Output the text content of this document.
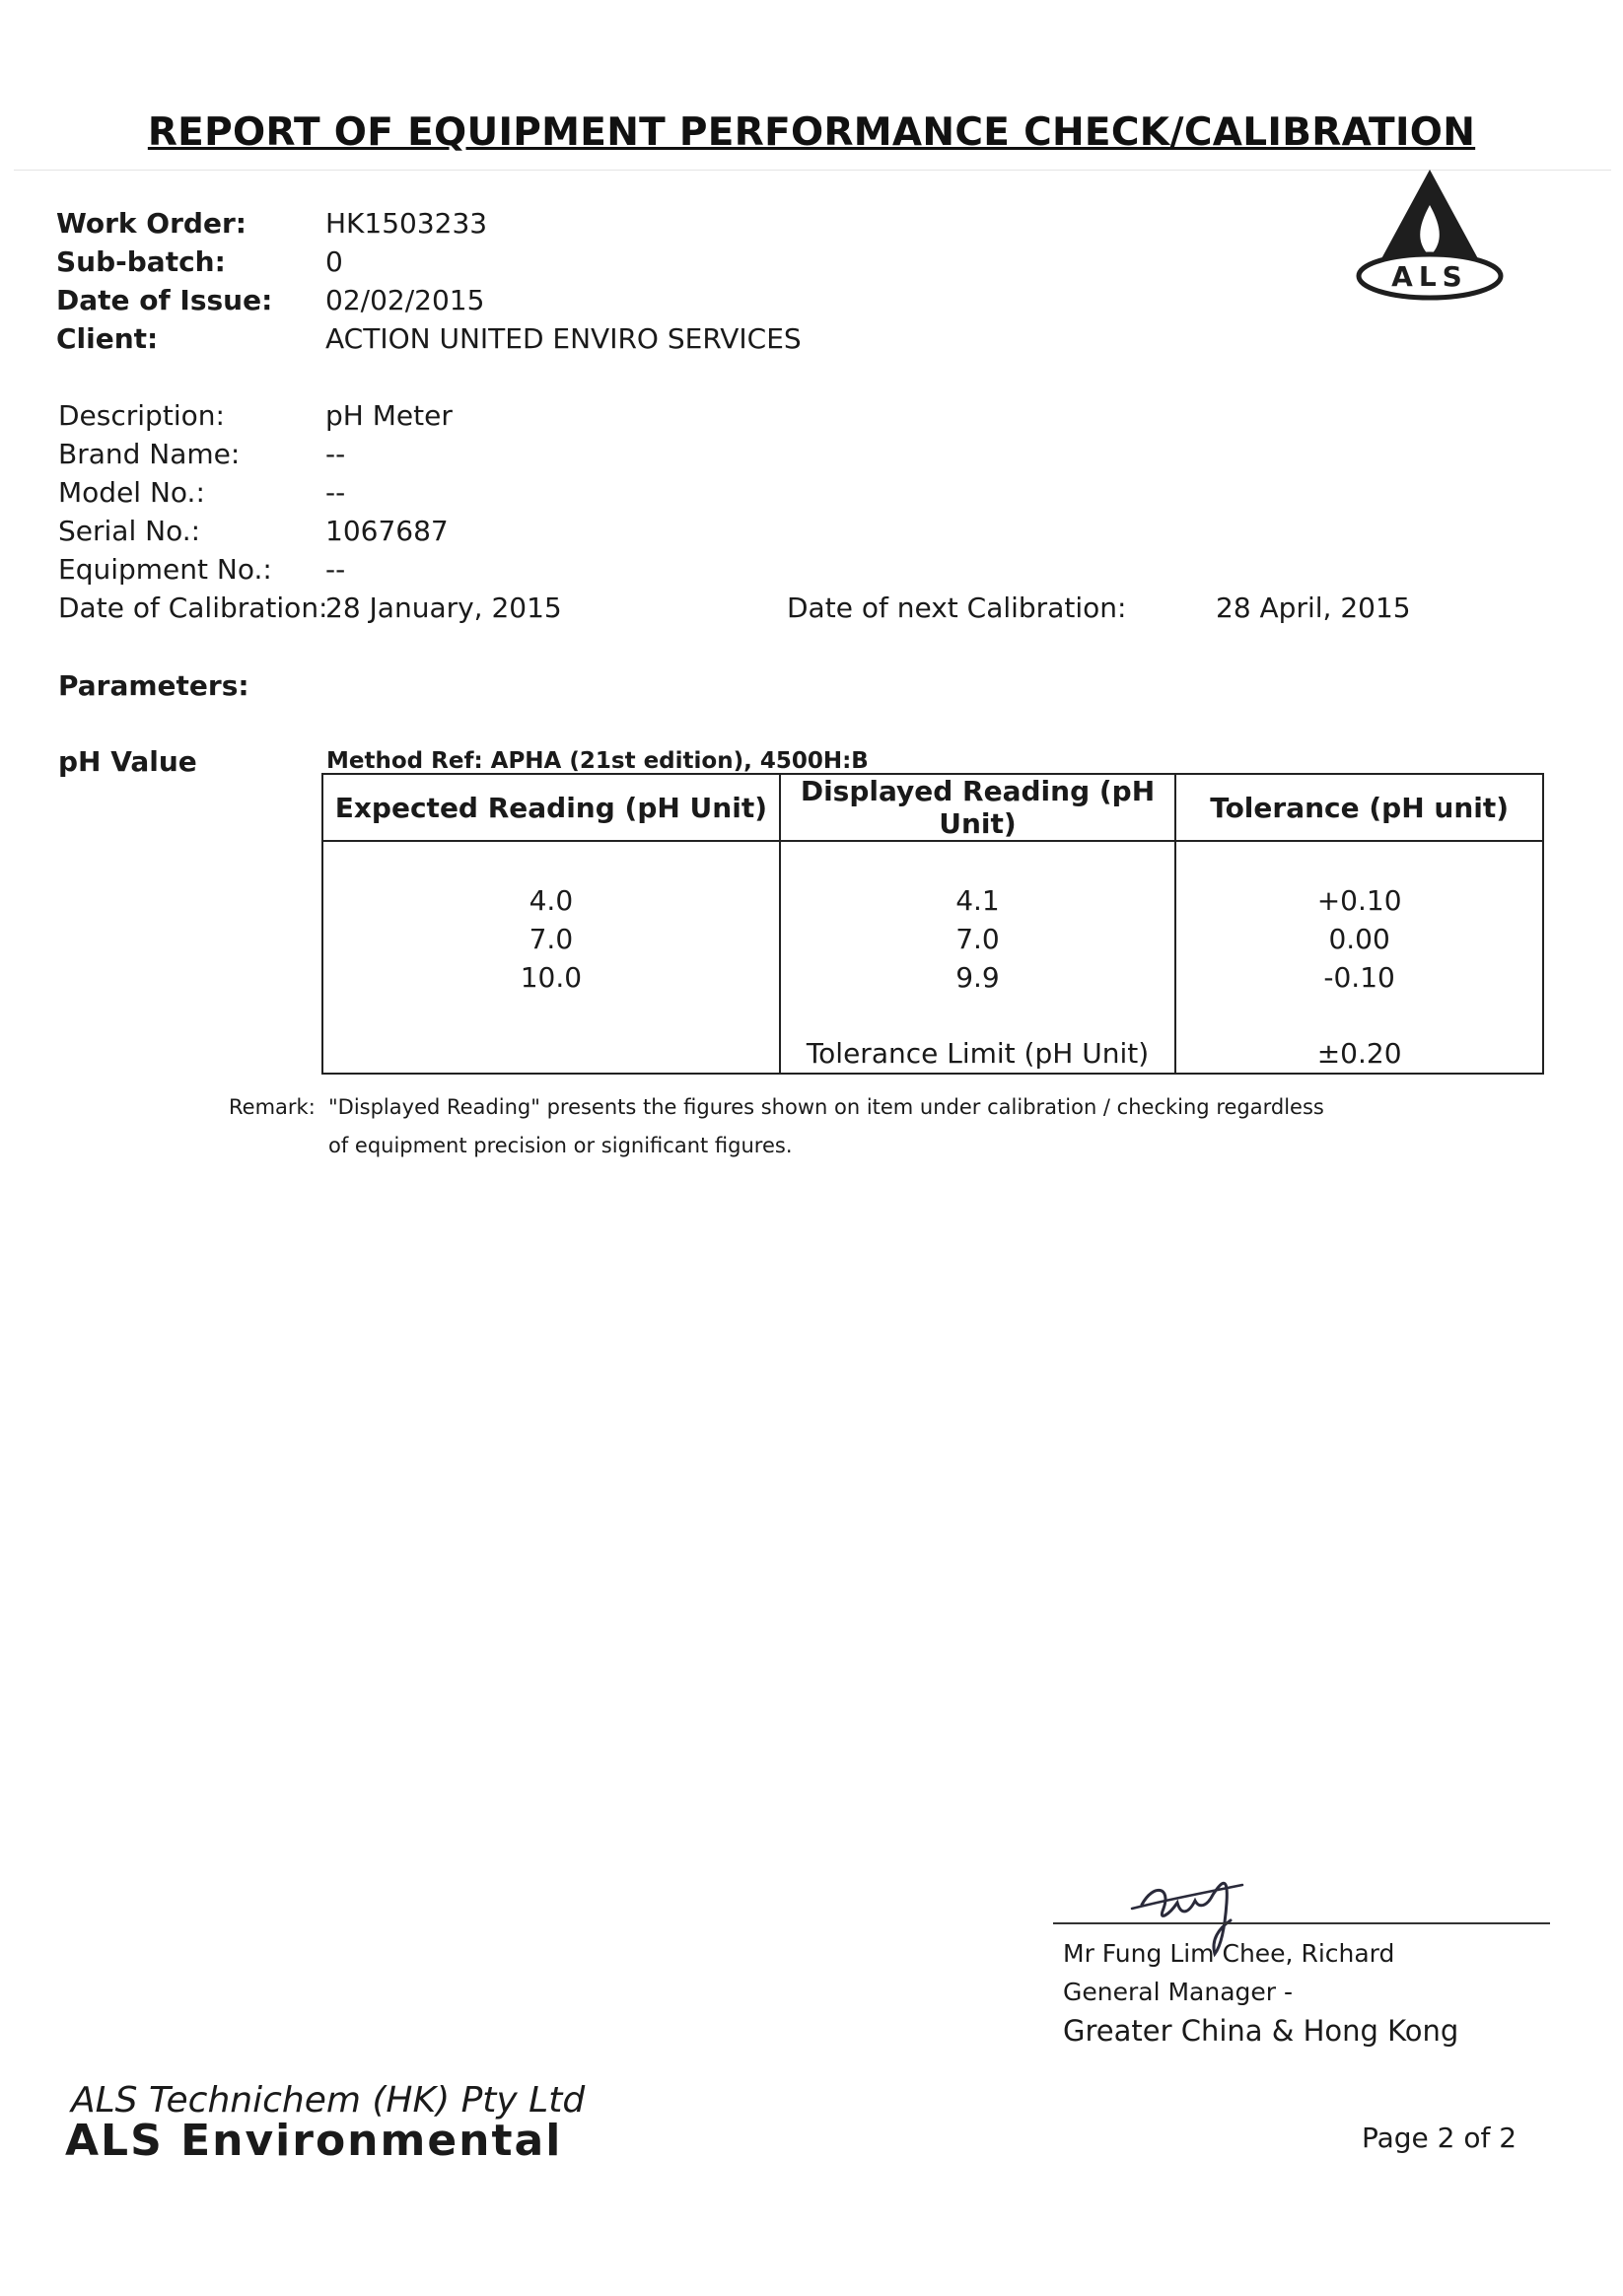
REPORT OF EQUIPMENT PERFORMANCE CHECK/CALIBRATION
Work Order:	HK1503233
Sub-batch:	0
Date of Issue: 02/02/2015
Client:	ACTION UNITED ENVIRO SERVICES
ALS
Description:	pH Meter
Brand Name:	--
Model No.:	--
Serial No.:	1067687
Equipment No.: --
Date of Calibration:
28 January, 2015	Date of next Calibration:	28 April, 2015
Parameters:
pH Value	Method Ref: APHA (21st edition), 4500H:B
Expected Reading (pH Unit)	Displayed Reading (pH Unit)	Tolerance (pH unit)

4.0	4.1	+0.10
7.0	7.0	0.00
10.0	9.9	-0.10

	Tolerance Limit (pH Unit)	±0.20
Remark: "Displayed Reading" presents the figures shown on item under calibration / checking regardless
of equipment precision or significant figures.
Mr Fung Lim Chee, Richard
General Manager -
Greater China & Hong Kong
ALS Technichem (HK) Pty Ltd
ALS Environmental	Page 2 of 2
